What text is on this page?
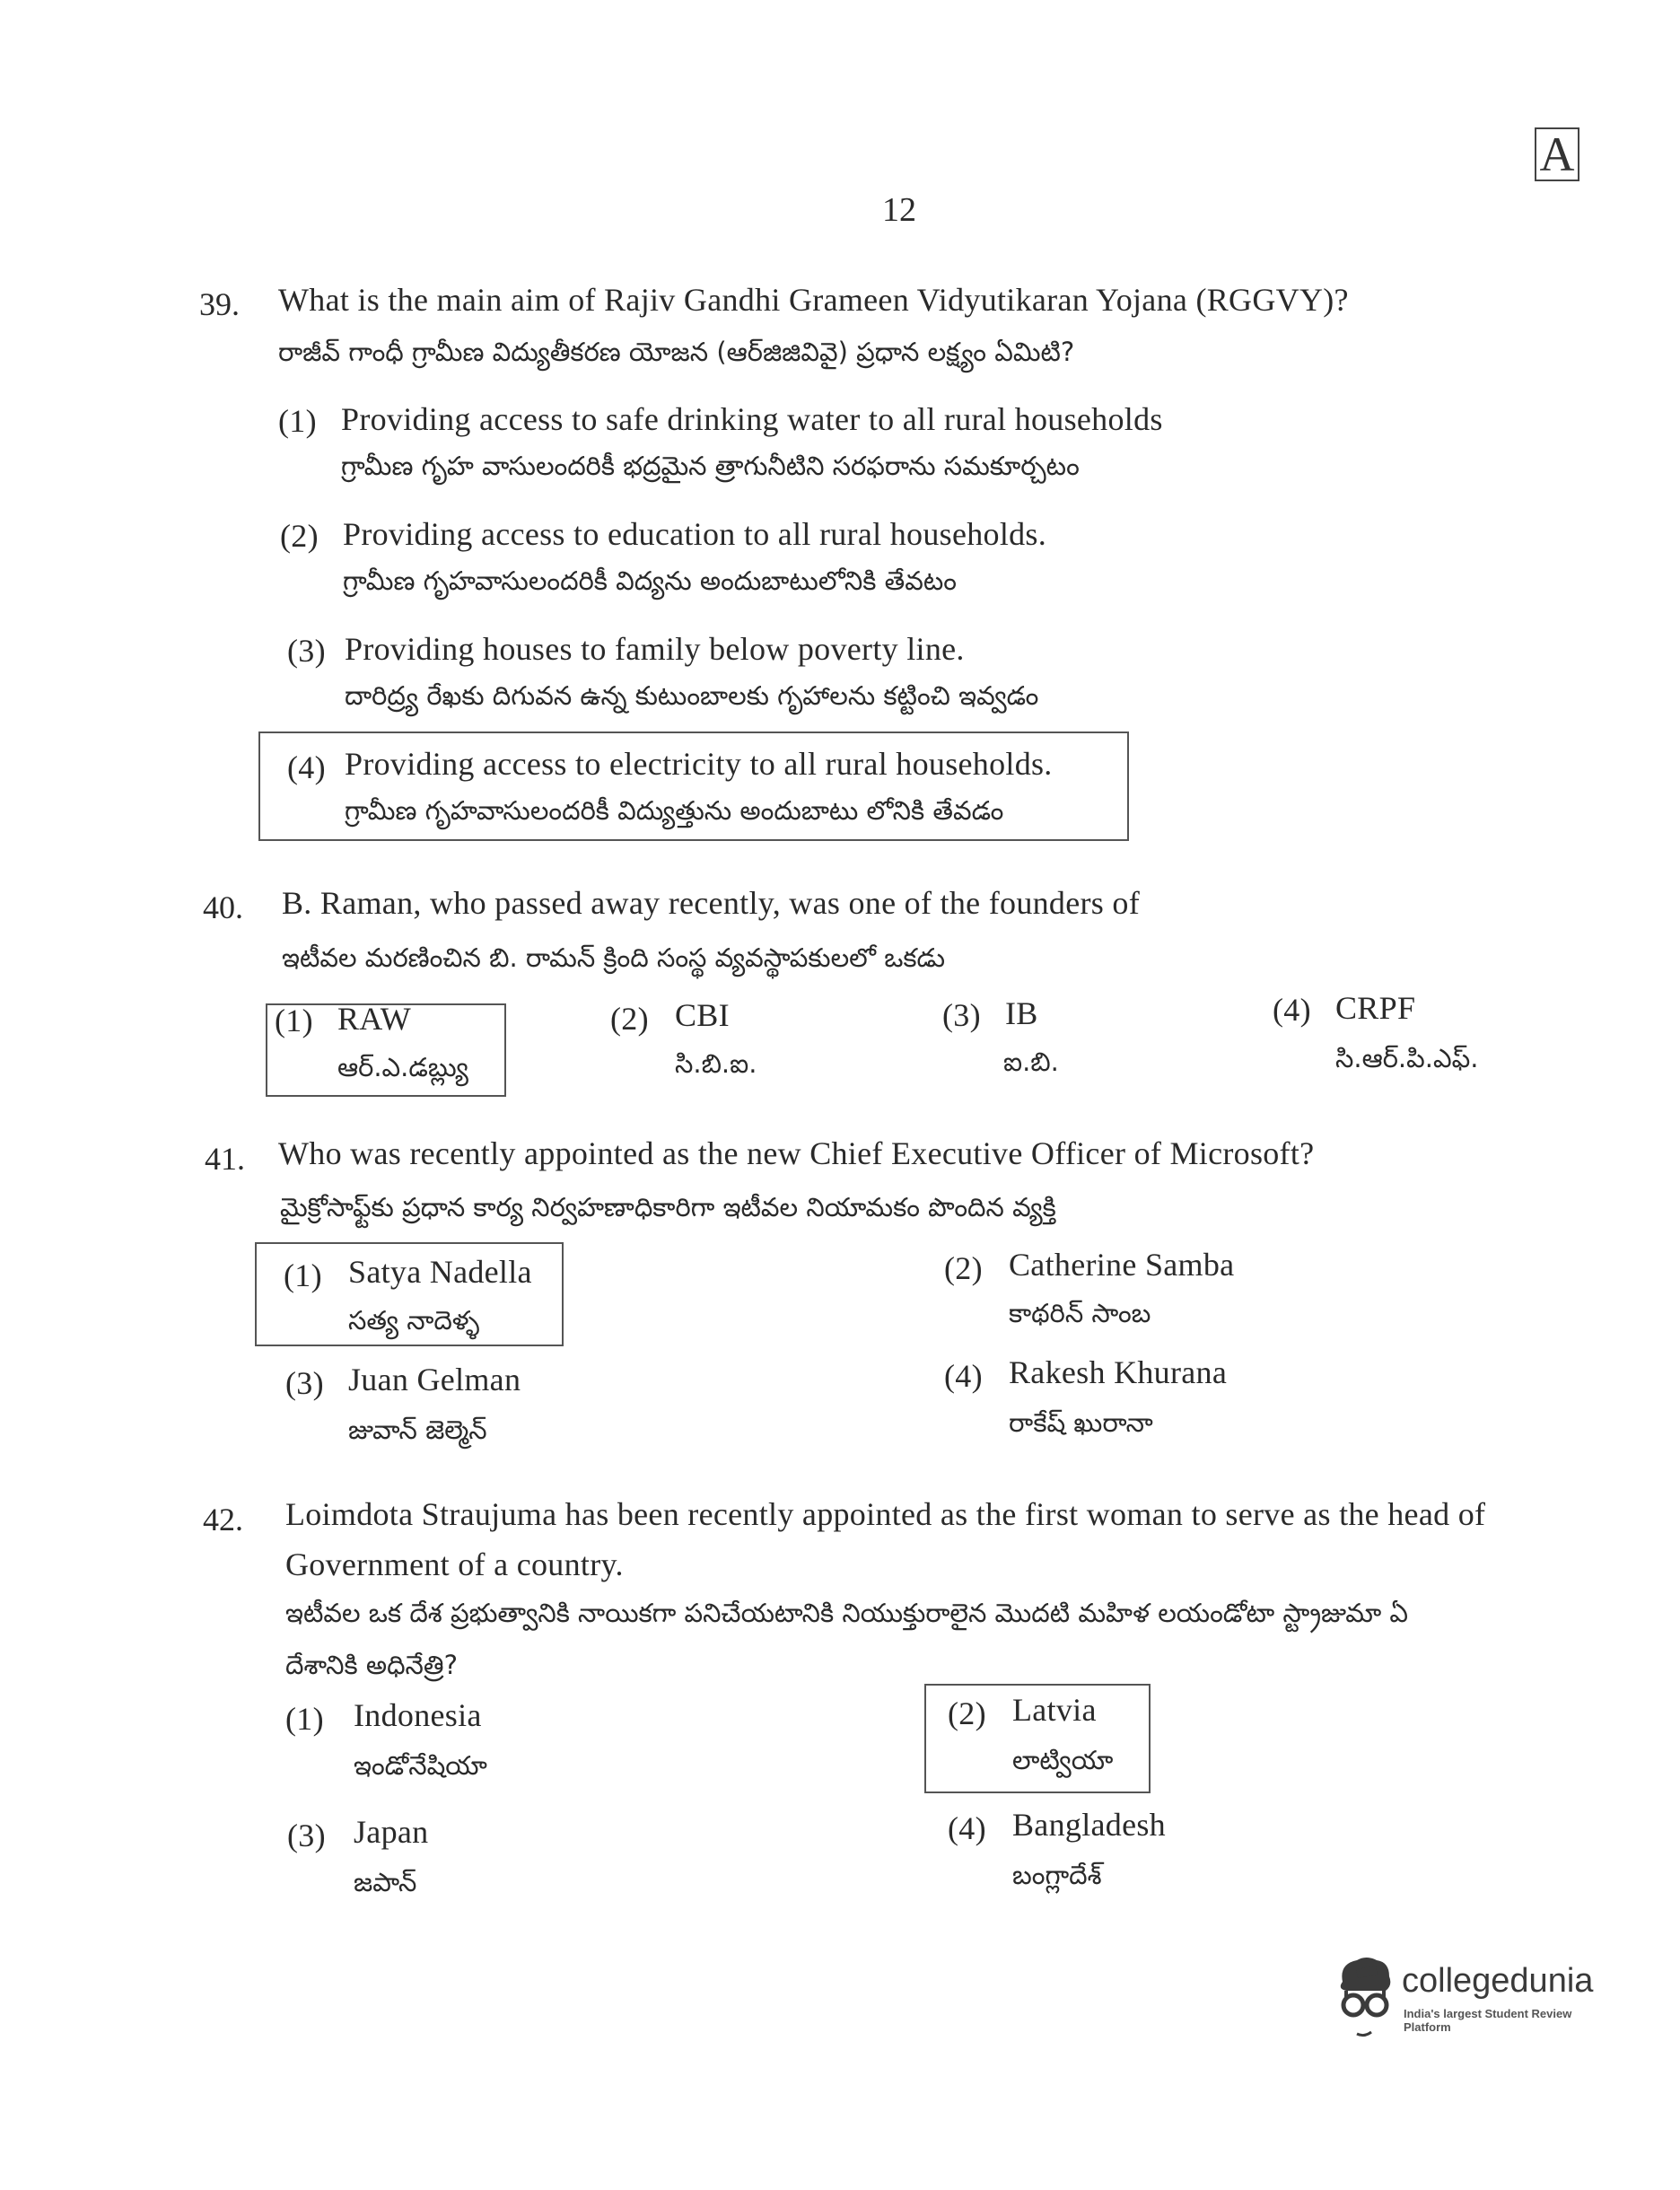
A
12
39. What is the main aim of Rajiv Gandhi Grameen Vidyutikaran Yojana (RGGVY)?
రాజీవ్ గాంధీ గ్రామీణ విద్యుతీకరణ యోజన (ఆర్‌జిజివివై) ప్రధాన లక్ష్యం ఏమిటి?
(1) Providing access to safe drinking water to all rural households
గ్రామీణ గృహ వాసులందరికీ భద్రమైన త్రాగునీటిని సరఫరాను సమకూర్చటం
(2) Providing access to education to all rural households.
గ్రామీణ గృహవాసులందరికీ విద్యను అందుబాటులోనికి తేవటం
(3) Providing houses to family below poverty line.
దారిద్ర్య రేఖకు దిగువన ఉన్న కుటుంబాలకు గృహాలను కట్టించి ఇవ్వడం
(4) Providing access to electricity to all rural households.
గ్రామీణ గృహవాసులందరికీ విద్యుత్తును అందుబాటు లోనికి తేవడం
40. B. Raman, who passed away recently, was one of the founders of
ఇటీవల మరణించిన బి. రామన్ క్రింది సంస్థ వ్యవస్థాపకులలో ఒకడు
(1) RAW
ఆర్.ఎ.డబ్ల్యు
(2) CBI
సి.బి.ఐ.
(3) IB
ఐ.బి.
(4) CRPF
సి.ఆర్.పి.ఎఫ్.
41. Who was recently appointed as the new Chief Executive Officer of Microsoft?
మైక్రోసాఫ్ట్‌కు ప్రధాన కార్య నిర్వహణాధికారిగా ఇటీవల నియామకం పొందిన వ్యక్తి
(1) Satya Nadella
సత్య నాదెళ్ళ
(2) Catherine Samba
కాథరిన్ సాంబ
(3) Juan Gelman
జువాన్ జెల్మెన్
(4) Rakesh Khurana
రాకేష్ ఖురానా
42. Loimdota Straujuma has been recently appointed as the first woman to serve as the head of
Government of a country.
ఇటీవల ఒక దేశ ప్రభుత్వానికి నాయికగా పనిచేయటానికి నియుక్తురాలైన మొదటి మహిళ లయండోటా స్ట్రాజుమా ఏ
దేశానికి అధినేత్రి?
(1) Indonesia
ఇండోనేషియా
(2) Latvia
లాట్వియా
(3) Japan
జపాన్
(4) Bangladesh
బంగ్లాదేశ్
collegedunia
India's largest Student Review Platform
